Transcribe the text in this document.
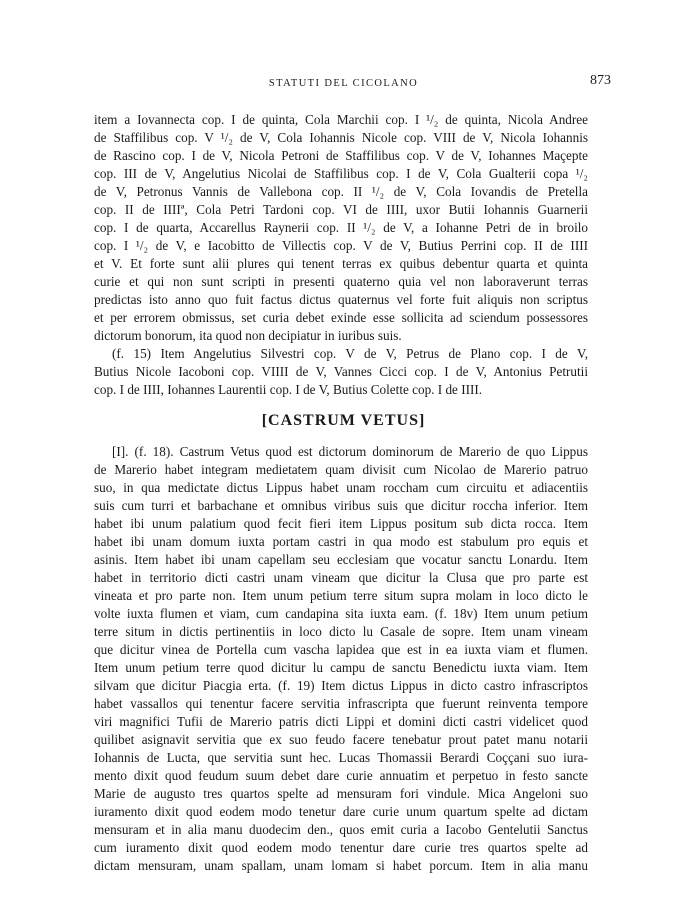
STATUTI DEL CICOLANO	873
item a Iovannecta cop. I de quinta, Cola Marchii cop. I ¹/₂ de quinta, Nicola Andree
de Staffilibus cop. V ¹/₂ de V, Cola Iohannis Nicole cop. VIII de V, Nicola Iohannis
de Rascino cop. I de V, Nicola Petroni de Staffilibus cop. V de V, Iohannes Maçepte
cop. III de V, Angelutius Nicolai de Staffilibus cop. I de V, Cola Gualterii copa ¹/₂
de V, Petronus Vannis de Vallebona cop. II ¹/₂ de V, Cola Iovandis de Pretella
cop. II de IIIIª, Cola Petri Tardoni cop. VI de IIII, uxor Butii Iohannis Guarnerii
cop. I de quarta, Accarellus Raynerii cop. II ¹/₂ de V, a Iohanne Petri de in broilo
cop. I ¹/₂ de V, e Iacobitto de Villectis cop. V de V, Butius Perrini cop. II de IIII
et V. Et forte sunt alii plures qui tenent terras ex quibus debentur quarta et quinta
curie et qui non sunt scripti in presenti quaterno quia vel non laboraverunt terras
predictas isto anno quo fuit factus dictus quaternus vel forte fuit aliquis non scriptus
et per errorem obmissus, set curia debet exinde esse sollicita ad sciendum possessores
dictorum bonorum, ita quod non decipiatur in iuribus suis.
(f. 15) Item Angelutius Silvestri cop. V de V, Petrus de Plano cop. I de V,
Butius Nicole Iacoboni cop. VIIII de V, Vannes Cicci cop. I de V, Antonius Petrutii
cop. I de IIII, Iohannes Laurentii cop. I de V, Butius Colette cop. I de IIII.
[CASTRUM VETUS]
[I]. (f. 18). Castrum Vetus quod est dictorum dominorum de Marerio de quo Lippus
de Marerio habet integram medietatem quam divisit cum Nicolao de Marerio patruo
suo, in qua medictate dictus Lippus habet unam roccham cum circuitu et adiacentiis
suis cum turri et barbachane et omnibus viribus suis que dicitur roccha inferior. Item
habet ibi unum palatium quod fecit fieri item Lippus positum sub dicta rocca. Item
habet ibi unam domum iuxta portam castri in qua modo est stabulum pro equis et
asinis. Item habet ibi unam capellam seu ecclesiam que vocatur sanctu Lonardu. Item
habet in territorio dicti castri unam vineam que dicitur la Clusa que pro parte est
vineata et pro parte non. Item unum petium terre situm supra molam in loco dicto le
volte iuxta flumen et viam, cum candapina sita iuxta eam. (f. 18v) Item unum petium
terre situm in dictis pertinentiis in loco dicto lu Casale de sopre. Item unam vineam
que dicitur vinea de Portella cum vascha lapidea que est in ea iuxta viam et flumen.
Item unum petium terre quod dicitur lu campu de sanctu Benedictu iuxta viam. Item
silvam que dicitur Piacgia erta. (f. 19) Item dictus Lippus in dicto castro infrascriptos
habet vassallos qui tenentur facere servitia infrascripta que fuerunt reinventa tempore
viri magnifici Tufii de Marerio patris dicti Lippi et domini dicti castri videlicet quod
quilibet asignavit servitia que ex suo feudo facere tenebatur prout patet manu notarii
Iohannis de Lucta, que servitia sunt hec. Lucas Thomassii Berardi Coççani suo iura-
mento dixit quod feudum suum debet dare curie annuatim et perpetuo in festo sancte
Marie de augusto tres quartos spelte ad mensuram fori vindule. Mica Angeloni suo
iuramento dixit quod eodem modo tenetur dare curie unum quartum spelte ad dictam
mensuram et in alia manu duodecim den., quos emit curia a Iacobo Gentelutii Sanctus
cum iuramento dixit quod eodem modo tenentur dare curie tres quartos spelte ad
dictam mensuram, unam spallam, unam lomam si habet porcum. Item in alia manu
